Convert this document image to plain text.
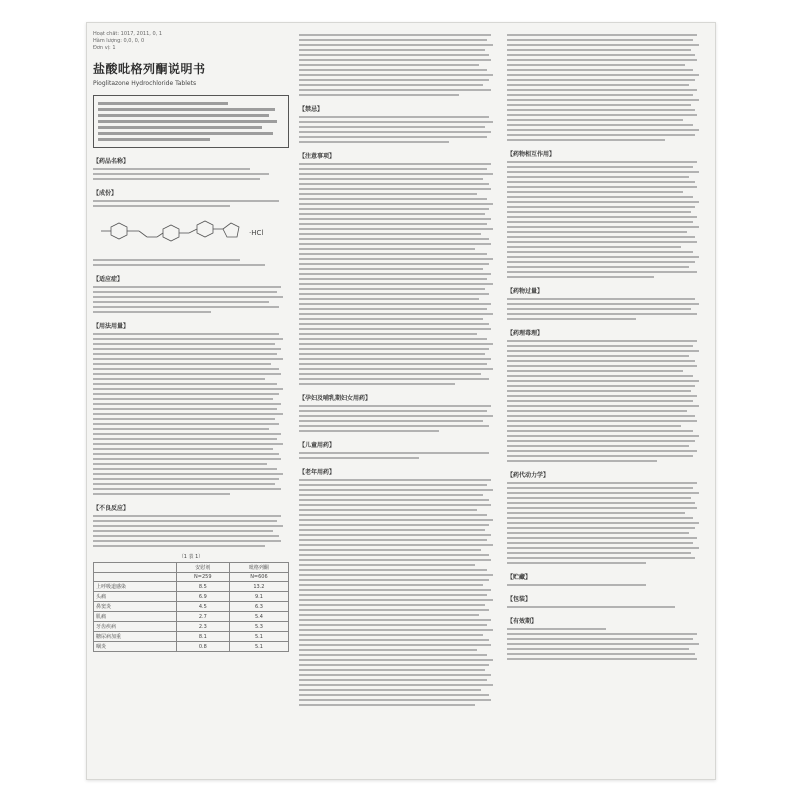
Hoạt chất: 1017, 2011, 0, 1
Hàm lượng: 0,0, 0, 0
Đơn vị: 1
盐酸吡格列酮说明书
Pioglitazone Hydrochloride Tablets
【药品名称】
【成份】
·HCl
【适应症】
【用法用量】
【不良反应】
（1 表 1）
	安慰剂	吡格列酮
	N=259	N=606
上呼吸道感染	8.5	13.2
头痛	6.9	9.1
鼻窦炎	4.5	6.3
肌痛	2.7	5.4
牙齿疾病	2.3	5.3
糖尿病加重	8.1	5.1
咽炎	0.8	5.1
【禁忌】
【注意事项】
【孕妇及哺乳期妇女用药】
【儿童用药】
【老年用药】
【药物相互作用】
【药物过量】
【药理毒理】
【药代动力学】
【贮藏】
【包装】
【有效期】
